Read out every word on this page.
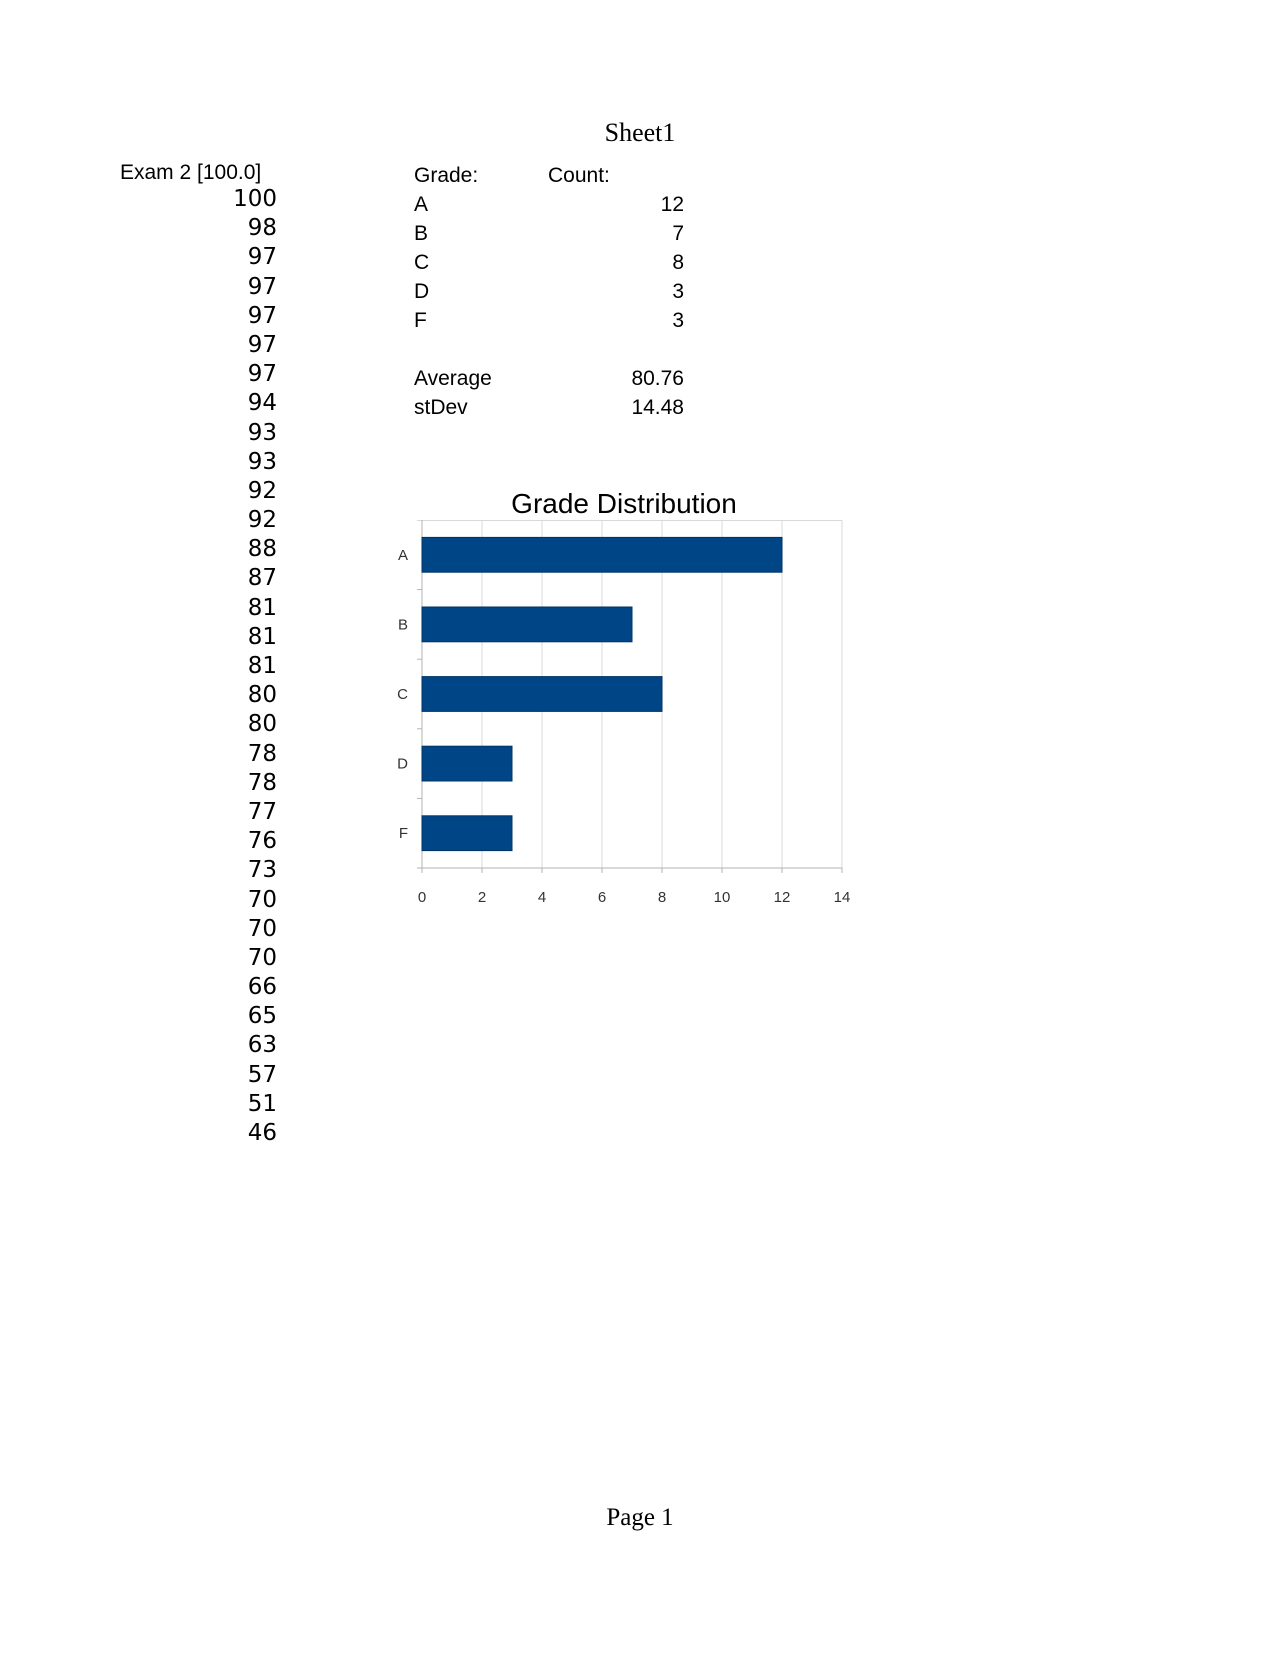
Sheet1
Exam 2 [100.0]
100
98
97
97
97
97
97
94
93
93
92
92
88
87
81
81
81
80
80
78
78
77
76
73
70
70
70
66
65
63
57
51
46
Grade:	Count:
A	12
B	7
C	8
D	3
F	3
Average	80.76
stDev	14.48
Grade Distribution
A
B
C
D
F
0	2	4	6	8	10	12	14
Page 1
